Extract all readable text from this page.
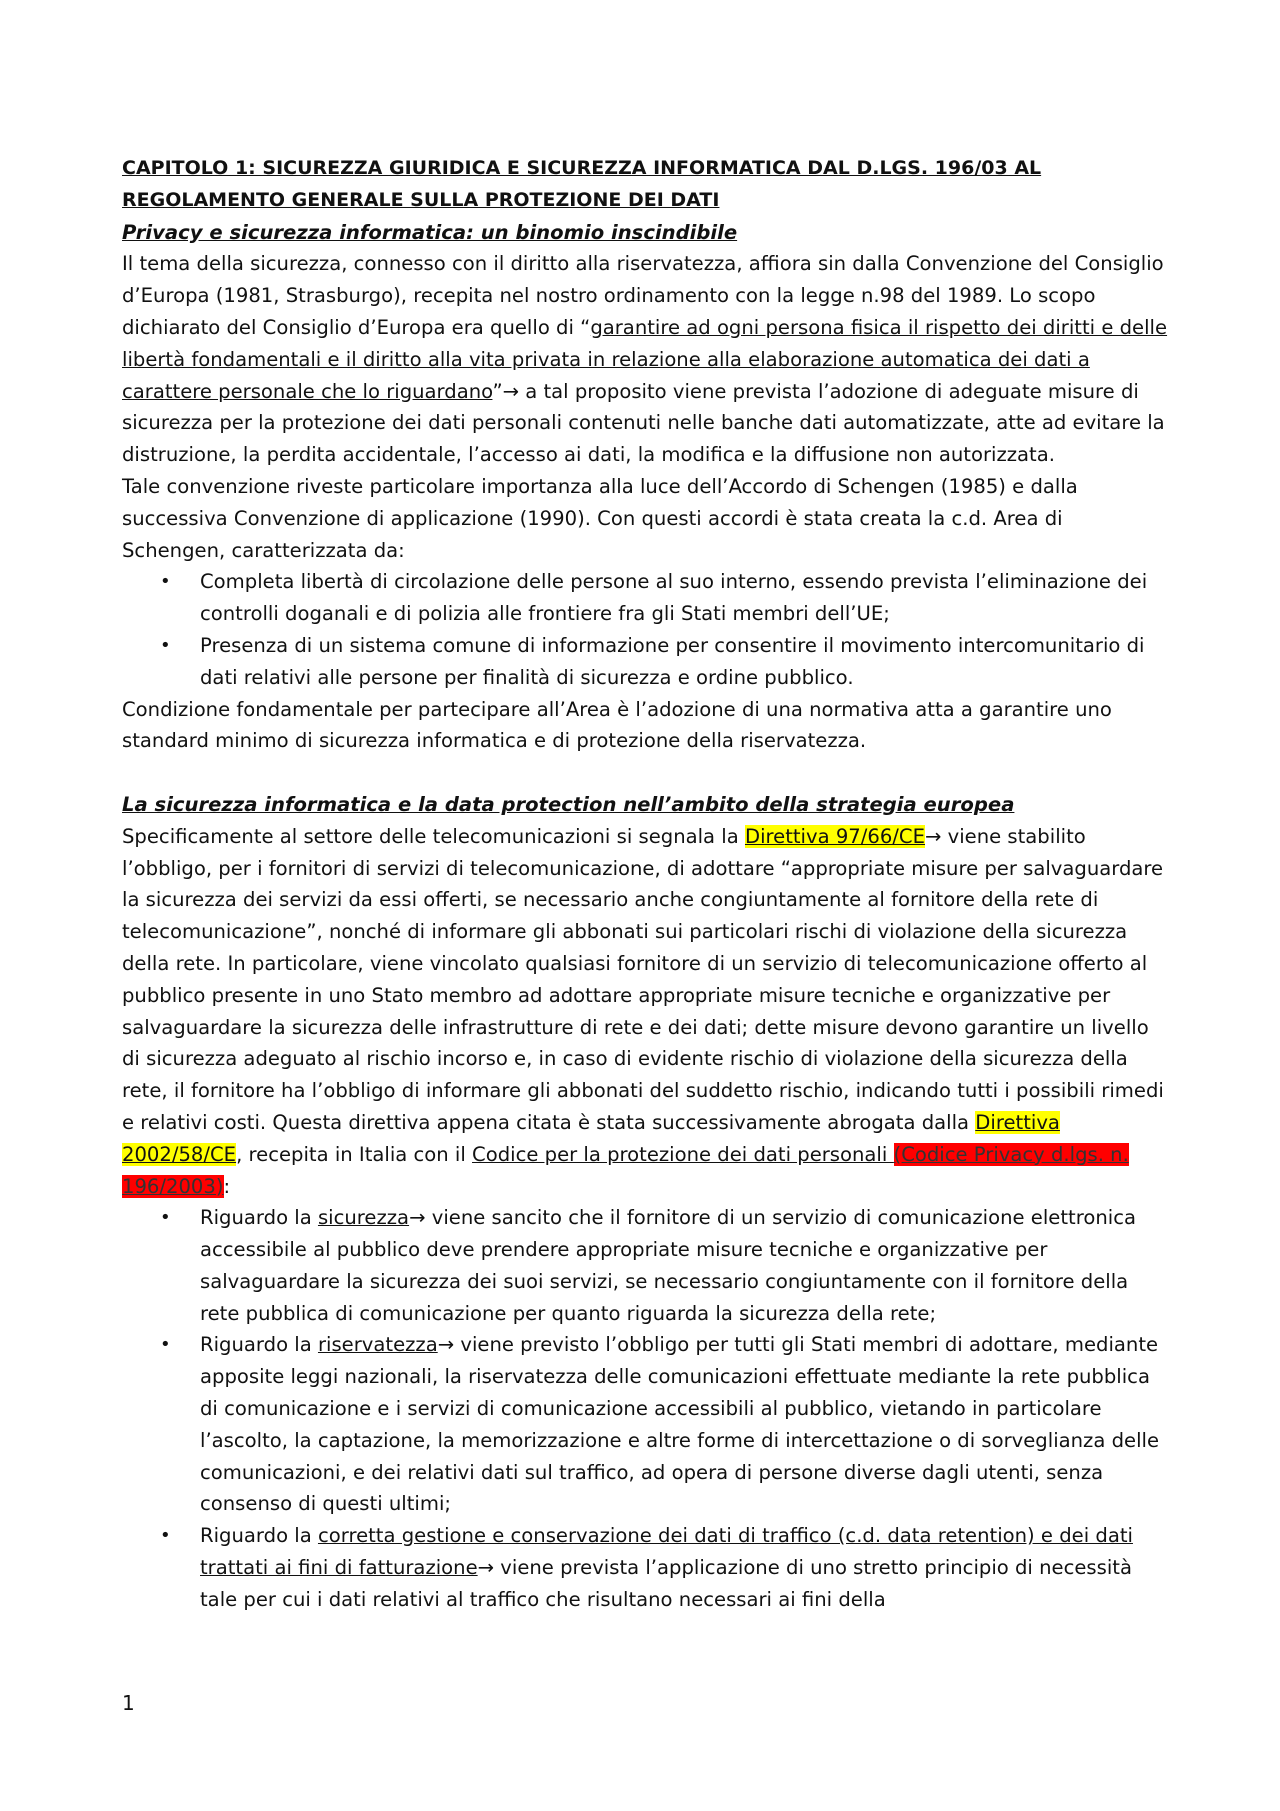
CAPITOLO 1: SICUREZZA GIURIDICA E SICUREZZA INFORMATICA DAL D.LGS. 196/03 AL
REGOLAMENTO GENERALE SULLA PROTEZIONE DEI DATI
Privacy e sicurezza informatica: un binomio inscindibile

Il tema della sicurezza, connesso con il diritto alla riservatezza, affiora sin dalla Convenzione del Consiglio d’Europa (1981, Strasburgo), recepita nel nostro ordinamento con la legge n.98 del 1989. Lo scopo dichiarato del Consiglio d’Europa era quello di “garantire ad ogni persona fisica il rispetto dei diritti e delle libertà fondamentali e il diritto alla vita privata in relazione alla elaborazione automatica dei dati a carattere personale che lo riguardano”→ a tal proposito viene prevista l’adozione di adeguate misure di sicurezza per la protezione dei dati personali contenuti nelle banche dati automatizzate, atte ad evitare la distruzione, la perdita accidentale, l’accesso ai dati, la modifica e la diffusione non autorizzata.

Tale convenzione riveste particolare importanza alla luce dell’Accordo di Schengen (1985) e dalla successiva Convenzione di applicazione (1990). Con questi accordi è stata creata la c.d. Area di Schengen, caratterizzata da:

• Completa libertà di circolazione delle persone al suo interno, essendo prevista l’eliminazione dei controlli doganali e di polizia alle frontiere fra gli Stati membri dell’UE;
• Presenza di un sistema comune di informazione per consentire il movimento intercomunitario di dati relativi alle persone per finalità di sicurezza e ordine pubblico.

Condizione fondamentale per partecipare all’Area è l’adozione di una normativa atta a garantire uno standard minimo di sicurezza informatica e di protezione della riservatezza.

La sicurezza informatica e la data protection nell’ambito della strategia europea

Specificamente al settore delle telecomunicazioni si segnala la Direttiva 97/66/CE→ viene stabilito l’obbligo, per i fornitori di servizi di telecomunicazione, di adottare “appropriate misure per salvaguardare la sicurezza dei servizi da essi offerti, se necessario anche congiuntamente al fornitore della rete di telecomunicazione”, nonché di informare gli abbonati sui particolari rischi di violazione della sicurezza della rete. In particolare, viene vincolato qualsiasi fornitore di un servizio di telecomunicazione offerto al pubblico presente in uno Stato membro ad adottare appropriate misure tecniche e organizzative per salvaguardare la sicurezza delle infrastrutture di rete e dei dati; dette misure devono garantire un livello di sicurezza adeguato al rischio incorso e, in caso di evidente rischio di violazione della sicurezza della rete, il fornitore ha l’obbligo di informare gli abbonati del suddetto rischio, indicando tutti i possibili rimedi e relativi costi. Questa direttiva appena citata è stata successivamente abrogata dalla Direttiva 2002/58/CE, recepita in Italia con il Codice per la protezione dei dati personali (Codice Privacy d.lgs. n. 196/2003):

• Riguardo la sicurezza→ viene sancito che il fornitore di un servizio di comunicazione elettronica accessibile al pubblico deve prendere appropriate misure tecniche e organizzative per salvaguardare la sicurezza dei suoi servizi, se necessario congiuntamente con il fornitore della rete pubblica di comunicazione per quanto riguarda la sicurezza della rete;
• Riguardo la riservatezza→ viene previsto l’obbligo per tutti gli Stati membri di adottare, mediante apposite leggi nazionali, la riservatezza delle comunicazioni effettuate mediante la rete pubblica di comunicazione e i servizi di comunicazione accessibili al pubblico, vietando in particolare l’ascolto, la captazione, la memorizzazione e altre forme di intercettazione o di sorveglianza delle comunicazioni, e dei relativi dati sul traffico, ad opera di persone diverse dagli utenti, senza consenso di questi ultimi;
• Riguardo la corretta gestione e conservazione dei dati di traffico (c.d. data retention) e dei dati trattati ai fini di fatturazione→ viene prevista l’applicazione di uno stretto principio di necessità tale per cui i dati relativi al traffico che risultano necessari ai fini della
1
